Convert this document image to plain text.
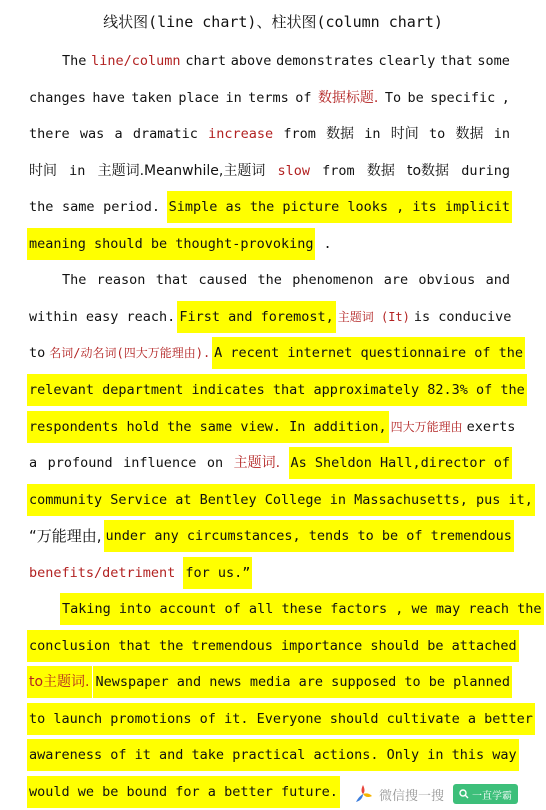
线状图(line chart)、柱状图(column chart)
The line/column chart above demonstrates clearly that some
changes have taken place in terms of 数据标题. To be specific ,
there was a dramatic increase from 数据 in 时间 to 数据 in
时间 in 主题词.Meanwhile,主题词 slow from 数据 to数据 during
the same period. Simple as the picture looks , its implicit
meaning should be thought-provoking .
The reason that caused the phenomenon are obvious and
within easy reach. First and foremost, 主题词 (It) is conducive
to 名词/动名词(四大万能理由). A recent internet questionnaire of the
relevant department indicates that approximately 82.3% of the
respondents hold the same view. In addition, 四大万能理由 exerts
a profound influence on 主题词. As Sheldon Hall,director of
community Service at Bentley College in Massachusetts, pus it,
“万能理由, under any circumstances, tends to be of tremendous
benefits/detriment for us.”
Taking into account of all these factors , we may reach the
conclusion that the tremendous importance should be attached
to主题词. Newspaper and news media are supposed to be planned
to launch promotions of it. Everyone should cultivate a better
awareness of it and take practical actions. Only in this way
would we be bound for a better future.	微信搜一搜	一直学霸
